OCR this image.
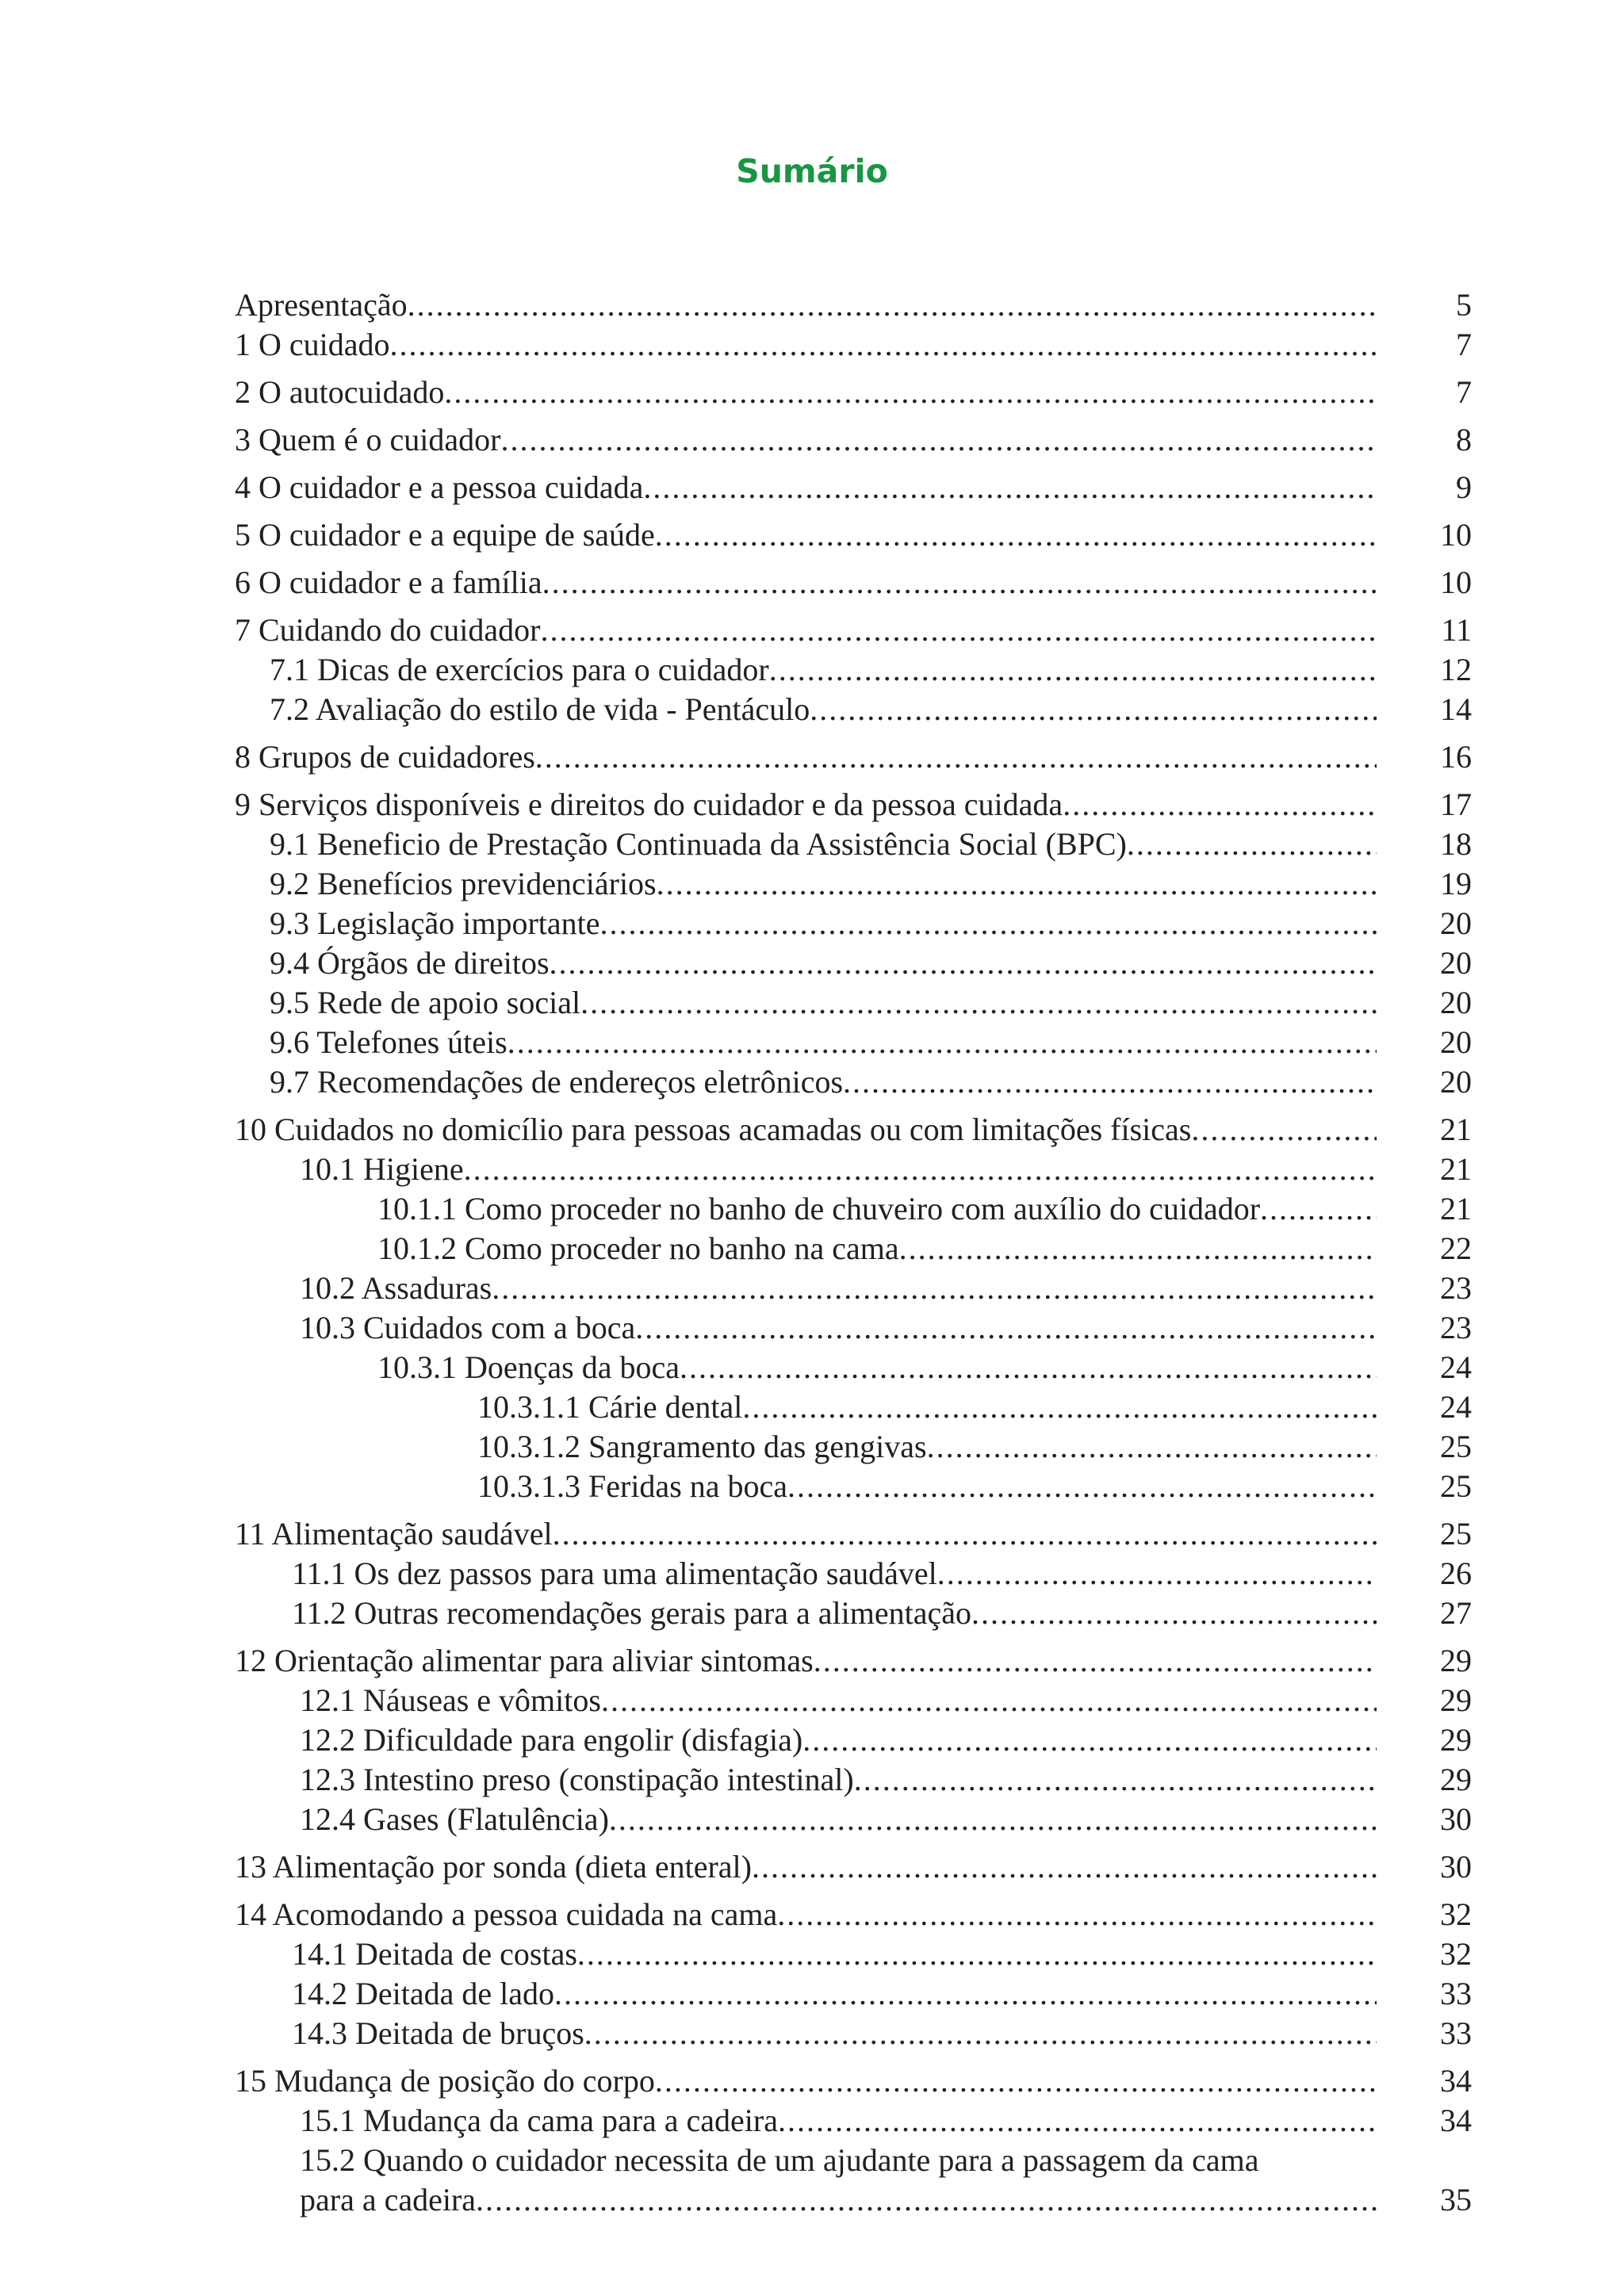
Sumário
Apresentação .....	5
1 O cuidado .....	7
2 O autocuidado .....	7
3 Quem é o cuidador .....	8
4 O cuidador e a pessoa cuidada .....	9
5 O cuidador e a equipe de saúde .....	10
6 O cuidador e a família .....	10
7 Cuidando do cuidador .....	11
7.1 Dicas de exercícios para o cuidador .....	12
7.2 Avaliação do estilo de vida - Pentáculo .....	14
8 Grupos de cuidadores .....	16
9 Serviços disponíveis e direitos do cuidador e da pessoa cuidada .....	17
9.1 Beneficio de Prestação Continuada da Assistência Social (BPC) .....	18
9.2 Benefícios previdenciários .....	19
9.3 Legislação importante .....	20
9.4 Órgãos de direitos .....	20
9.5 Rede de apoio social .....	20
9.6 Telefones úteis .....	20
9.7 Recomendações de endereços eletrônicos .....	20
10 Cuidados no domicílio para pessoas acamadas ou com limitações físicas .....	21
10.1 Higiene .....	21
10.1.1 Como proceder no banho de chuveiro com auxílio do cuidador .....	21
10.1.2 Como proceder no banho na cama .....	22
10.2 Assaduras .....	23
10.3 Cuidados com a boca .....	23
10.3.1 Doenças da boca .....	24
10.3.1.1 Cárie dental .....	24
10.3.1.2 Sangramento das gengivas .....	25
10.3.1.3 Feridas na boca .....	25
11 Alimentação saudável .....	25
11.1 Os dez passos para uma alimentação saudável .....	26
11.2 Outras recomendações gerais para a alimentação .....	27
12 Orientação alimentar para aliviar sintomas .....	29
12.1 Náuseas e vômitos .....	29
12.2 Dificuldade para engolir (disfagia) .....	29
12.3 Intestino preso (constipação intestinal) .....	29
12.4 Gases (Flatulência) .....	30
13 Alimentação por sonda (dieta enteral) .....	30
14 Acomodando a pessoa cuidada na cama .....	32
14.1 Deitada de costas .....	32
14.2 Deitada de lado .....	33
14.3 Deitada de bruços .....	33
15 Mudança de posição do corpo .....	34
15.1 Mudança da cama para a cadeira .....	34
15.2 Quando o cuidador necessita de um ajudante para a passagem da cama
para a cadeira .....	35
